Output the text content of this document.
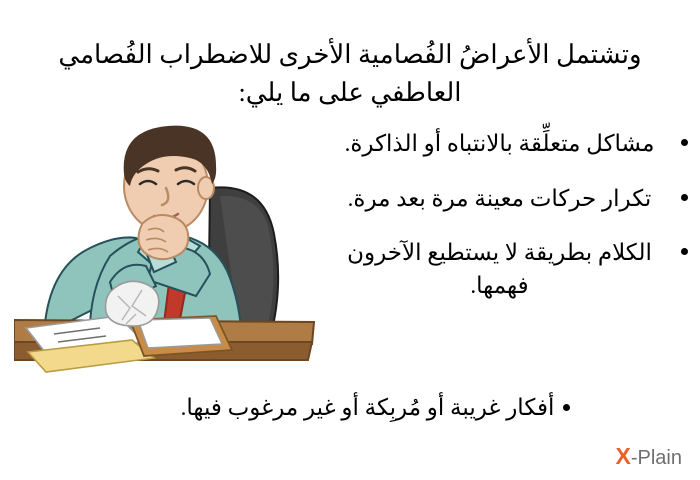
وتشتمل الأعراضُ الفُصامية الأخرى للاضطراب الفُصامي العاطفي على ما يلي:
مشاكل متعلِّقة بالانتباه أو الذاكرة.
تكرار حركات معينة مرة بعد مرة.
الكلام بطريقة لا يستطيع الآخرون فهمها.
أفكار غريبة أو مُربِكة أو غير مرغوب فيها.
X-Plain
